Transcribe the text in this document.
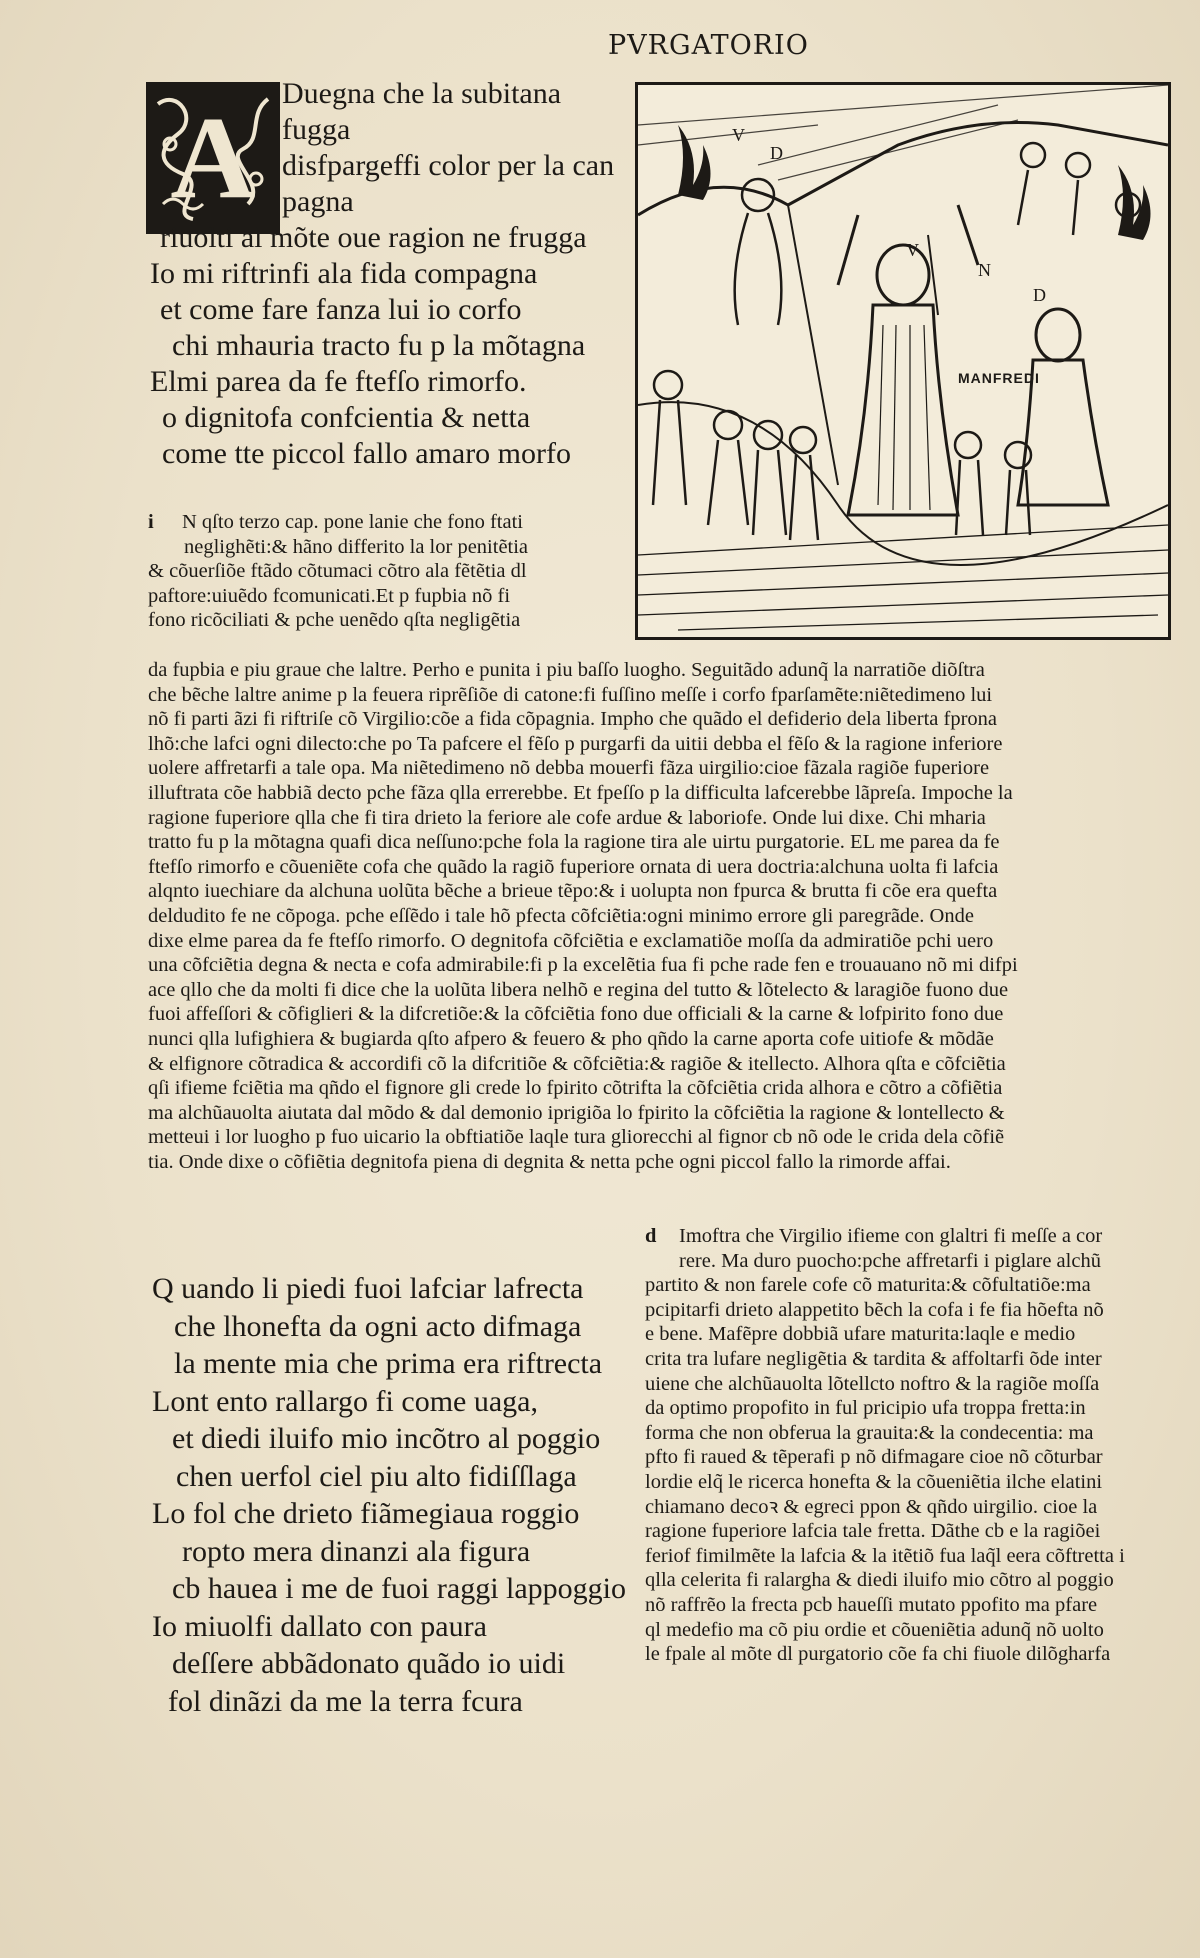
PVRGATORIO
A Duegna che la subitana
fugga
disfpargeffi color per la can
pagna
riuolti al mõte oue ragion ne frugga
Io mi riftrinfi ala fida compagna
et come fare fanza lui io corfo
chi mhauria tracto fu p la mõtagna
Elmi parea da fe ftefſo rimorfo.
o dignitofa confcientia & netta
come tte piccol fallo amaro morfo
MANFREDI
V
D
V
N
D
i N qſto terzo cap. pone lanie che fono ftati
neglighẽti:& hãno differito la lor penitẽtia
& cõuerſiõe ftãdo cõtumaci cõtro ala fẽtẽtia dl
paftore:uiuẽdo fcomunicati.Et p fupbia nõ fi
fono ricõciliati & pche uenẽdo qſta negligẽtia
da fupbia e piu graue che laltre. Perho e punita i piu baſſo luogho. Seguitãdo adunq̃ la narratiõe diõſtra
che bẽche laltre anime p la feuera riprẽſiõe di catone:fi fuſſino meſſe i corfo fparſamẽte:niẽtedimeno lui
nõ fi parti ãzi fi riftriſe cõ Virgilio:cõe a fida cõpagnia. Impho che quãdo el defiderio dela liberta fprona
lhõ:che lafci ogni dilecto:che po Ta pafcere el fẽſo p purgarfi da uitii debba el fẽſo & la ragione inferiore
uolere affretarfi a tale opa. Ma niẽtedimeno nõ debba mouerfi fãza uirgilio:cioe fãzala ragiõe fuperiore
illuftrata cõe habbiã decto pche fãza qlla errerebbe. Et fpeſſo p la difficulta lafcerebbe lãpreſa. Impoche la
ragione fuperiore qlla che fi tira drieto la feriore ale cofe ardue & laboriofe. Onde lui dixe. Chi mharia
tratto fu p la mõtagna quafi dica neſſuno:pche fola la ragione tira ale uirtu purgatorie. EL me parea da fe
ftefſo rimorfo e cõueniẽte cofa che quãdo la ragiõ fuperiore ornata di uera doctria:alchuna uolta fi lafcia
alqnto iuechiare da alchuna uolũta bẽche a brieue tẽpo:& i uolupta non fpurca & brutta fi cõe era quefta
deldudito fe ne cõpoga. pche eſſẽdo i tale hõ pfecta cõfciẽtia:ogni minimo errore gli paregrãde. Onde
dixe elme parea da fe ftefſo rimorfo. O degnitofa cõfciẽtia e exclamatiõe moſſa da admiratiõe pchi uero
una cõfciẽtia degna & necta e cofa admirabile:fi p la excelẽtia fua fi pche rade fen e trouauano nõ mi difpi
ace qllo che da molti fi dice che la uolũta libera nelhõ e regina del tutto & lõtelecto & laragiõe fuono due
fuoi affeſſori & cõfiglieri & la difcretiõe:& la cõfciẽtia fono due officiali & la carne & lofpirito fono due
nunci qlla lufighiera & bugiarda qſto afpero & feuero & pho qñdo la carne aporta cofe uitiofe & mõdãe
& elfignore cõtradica & accordifi cõ la difcritiõe & cõfciẽtia:& ragiõe & itellecto. Alhora qſta e cõfciẽtia
qſi ifieme fciẽtia ma qñdo el fignore gli crede lo fpirito cõtrifta la cõfciẽtia crida alhora e cõtro a cõfiẽtia
ma alchũauolta aiutata dal mõdo & dal demonio iprigiõa lo fpirito la cõfciẽtia la ragione & lontellecto &
metteui i lor luogho p fuo uicario la obftiatiõe laqle tura gliorecchi al fignor cb nõ ode le crida dela cõfiẽ
tia. Onde dixe o cõfiẽtia degnitofa piena di degnita & netta pche ogni piccol fallo la rimorde affai.
d Imoftra che Virgilio ifieme con glaltri fi meſſe a cor
rere. Ma duro puocho:pche affretarfi i piglare alchũ
partito & non farele cofe cõ maturita:& cõfultatiõe:ma
pcipitarfi drieto alappetito bẽch la cofa i fe fia hõefta nõ
e bene. Mafẽpre dobbiã ufare maturita:laqle e medio
crita tra lufare negligẽtia & tardita & affoltarfi õde inter
uiene che alchũauolta lõtellcto noftro & la ragiõe moſſa
da optimo propofito in ful pricipio ufa troppa fretta:in
forma che non obferua la grauita:& la condecentia: ma
pfto fi raued & tẽperafi p nõ difmagare cioe nõ cõturbar
lordie elq̃ le ricerca honefta & la cõueniẽtia ilche elatini
chiamano decoꝛ & egreci ppon & qñdo uirgilio. cioe la
ragione fuperiore lafcia tale fretta. Dãthe cb e la ragiõei
feriof fimilmẽte la lafcia & la itẽtiõ fua laq̃l eera cõftretta i
qlla celerita fi ralargha & diedi iluifo mio cõtro al poggio
nõ raffrẽo la frecta pcb haueſſi mutato ppofito ma pfare
ql medefio ma cõ piu ordie et cõueniẽtia adunq̃ nõ uolto
le fpale al mõte dl purgatorio cõe fa chi fiuole dilõgharfa
Q uando li piedi fuoi lafciar lafrecta
che lhonefta da ogni acto difmaga
la mente mia che prima era riftrecta
Lont ento rallargo fi come uaga,
et diedi iluifo mio incõtro al poggio
chen uerfol ciel piu alto fidiſſlaga
Lo fol che drieto fiãmegiaua roggio
ropto mera dinanzi ala figura
cb hauea i me de fuoi raggi lappoggio
Io miuolfi dallato con paura
deſſere abbãdonato quãdo io uidi
fol dinãzi da me la terra fcura
